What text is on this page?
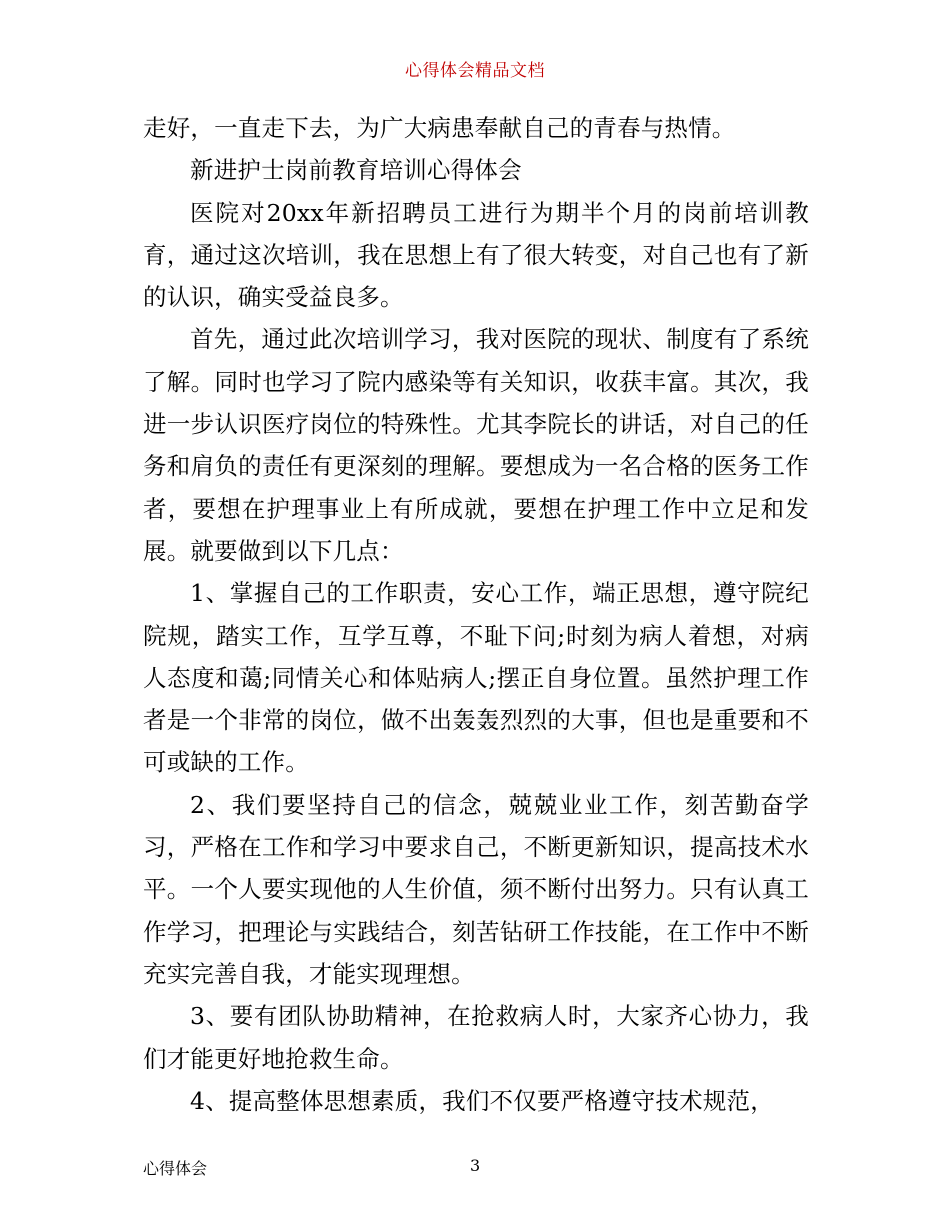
心得体会精品文档

走好，一直走下去，为广大病患奉献自己的青春与热情。

新进护士岗前教育培训心得体会

医院对20xx年新招聘员工进行为期半个月的岗前培训教育，通过这次培训，我在思想上有了很大转变，对自己也有了新的认识，确实受益良多。

首先，通过此次培训学习，我对医院的现状、制度有了系统了解。同时也学习了院内感染等有关知识，收获丰富。其次，我进一步认识医疗岗位的特殊性。尤其李院长的讲话，对自己的任务和肩负的责任有更深刻的理解。要想成为一名合格的医务工作者，要想在护理事业上有所成就，要想在护理工作中立足和发展。就要做到以下几点：

1、掌握自己的工作职责，安心工作，端正思想，遵守院纪院规，踏实工作，互学互尊，不耻下问;时刻为病人着想，对病人态度和蔼;同情关心和体贴病人;摆正自身位置。虽然护理工作者是一个非常的岗位，做不出轰轰烈烈的大事，但也是重要和不可或缺的工作。

2、我们要坚持自己的信念，兢兢业业工作，刻苦勤奋学习，严格在工作和学习中要求自己，不断更新知识，提高技术水平。一个人要实现他的人生价值，须不断付出努力。只有认真工作学习，把理论与实践结合，刻苦钻研工作技能，在工作中不断充实完善自我，才能实现理想。

3、要有团队协助精神，在抢救病人时，大家齐心协力，我们才能更好地抢救生命。

4、提高整体思想素质，我们不仅要严格遵守技术规范，

心得体会	3
